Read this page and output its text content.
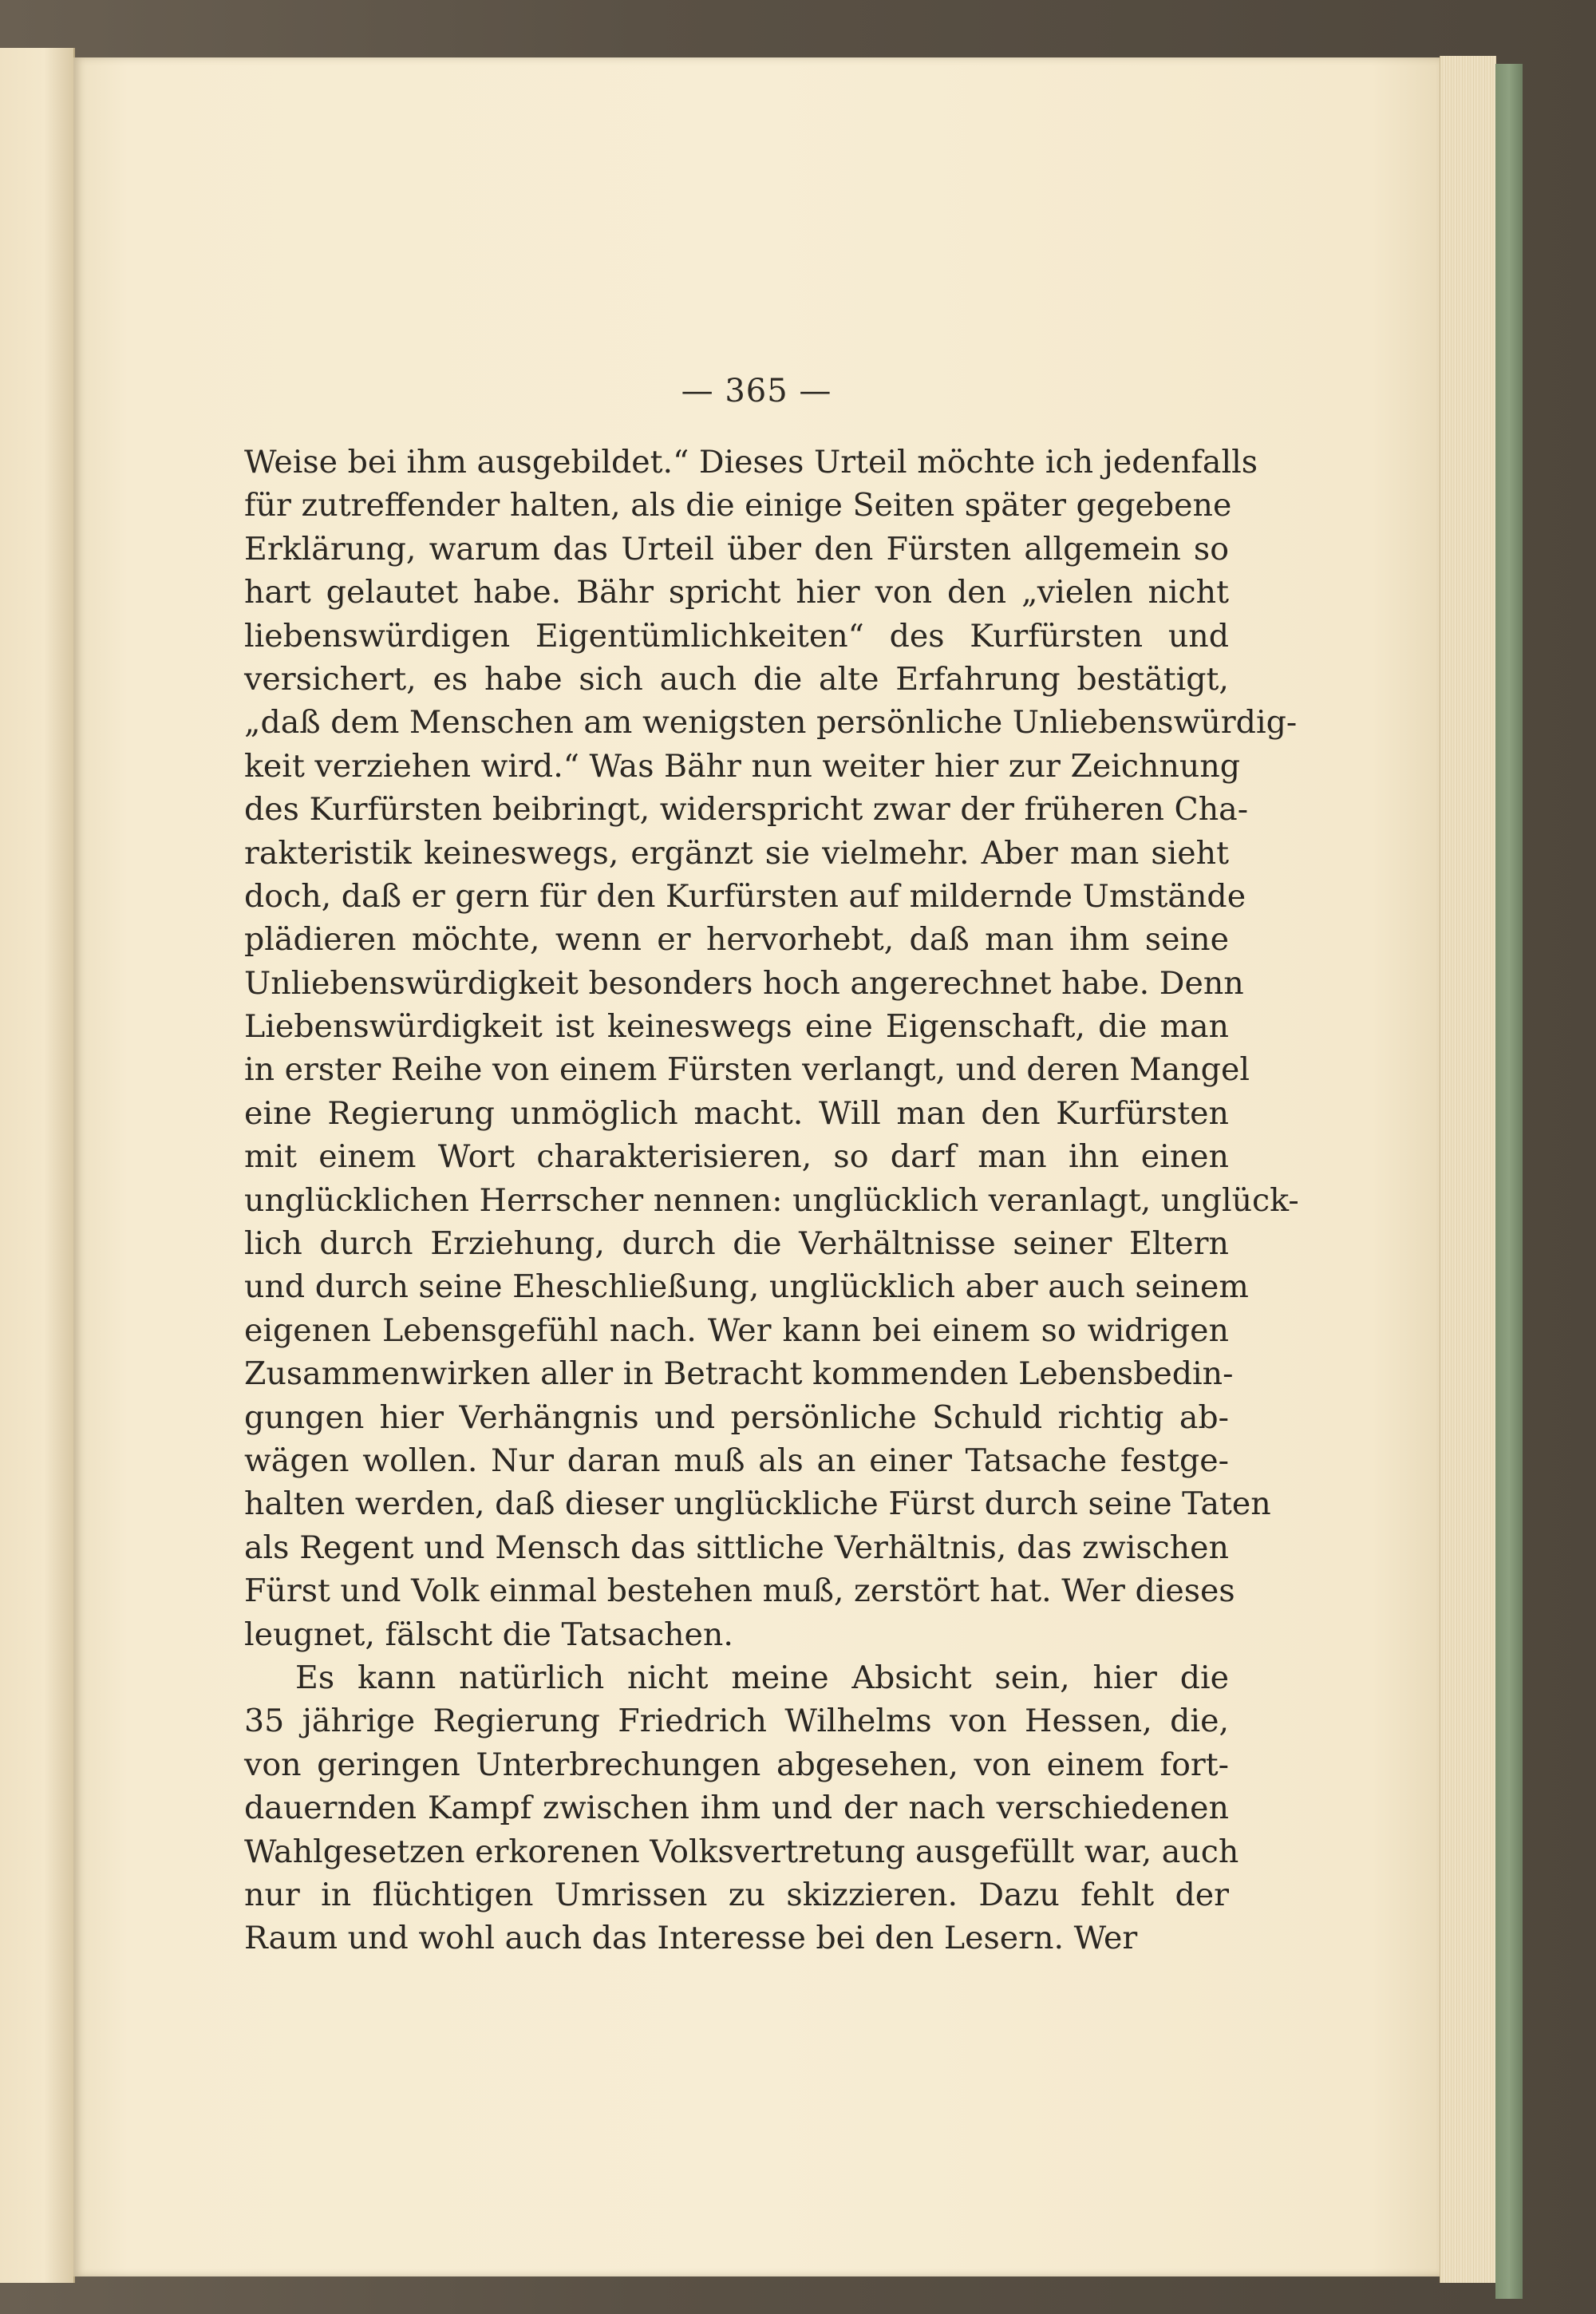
— 365 —
Weise bei ihm ausgebildet.“ Dieses Urteil möchte ich jedenfalls
für zutreffender halten, als die einige Seiten später gegebene
Erklärung, warum das Urteil über den Fürsten allgemein so
hart gelautet habe. Bähr spricht hier von den „vielen nicht
liebenswürdigen Eigentümlichkeiten“ des Kurfürsten und
versichert, es habe sich auch die alte Erfahrung bestätigt,
„daß dem Menschen am wenigsten persönliche Unliebenswürdig-
keit verziehen wird.“ Was Bähr nun weiter hier zur Zeichnung
des Kurfürsten beibringt, widerspricht zwar der früheren Cha-
rakteristik keineswegs, ergänzt sie vielmehr. Aber man sieht
doch, daß er gern für den Kurfürsten auf mildernde Umstände
plädieren möchte, wenn er hervorhebt, daß man ihm seine
Unliebenswürdigkeit besonders hoch angerechnet habe. Denn
Liebenswürdigkeit ist keineswegs eine Eigenschaft, die man
in erster Reihe von einem Fürsten verlangt, und deren Mangel
eine Regierung unmöglich macht. Will man den Kurfürsten
mit einem Wort charakterisieren, so darf man ihn einen
unglücklichen Herrscher nennen: unglücklich veranlagt, unglück-
lich durch Erziehung, durch die Verhältnisse seiner Eltern
und durch seine Eheschließung, unglücklich aber auch seinem
eigenen Lebensgefühl nach. Wer kann bei einem so widrigen
Zusammenwirken aller in Betracht kommenden Lebensbedin-
gungen hier Verhängnis und persönliche Schuld richtig ab-
wägen wollen. Nur daran muß als an einer Tatsache festge-
halten werden, daß dieser unglückliche Fürst durch seine Taten
als Regent und Mensch das sittliche Verhältnis, das zwischen
Fürst und Volk einmal bestehen muß, zerstört hat. Wer dieses
leugnet, fälscht die Tatsachen.
Es kann natürlich nicht meine Absicht sein, hier die
35 jährige Regierung Friedrich Wilhelms von Hessen, die,
von geringen Unterbrechungen abgesehen, von einem fort-
dauernden Kampf zwischen ihm und der nach verschiedenen
Wahlgesetzen erkorenen Volksvertretung ausgefüllt war, auch
nur in flüchtigen Umrissen zu skizzieren. Dazu fehlt der
Raum und wohl auch das Interesse bei den Lesern. Wer
